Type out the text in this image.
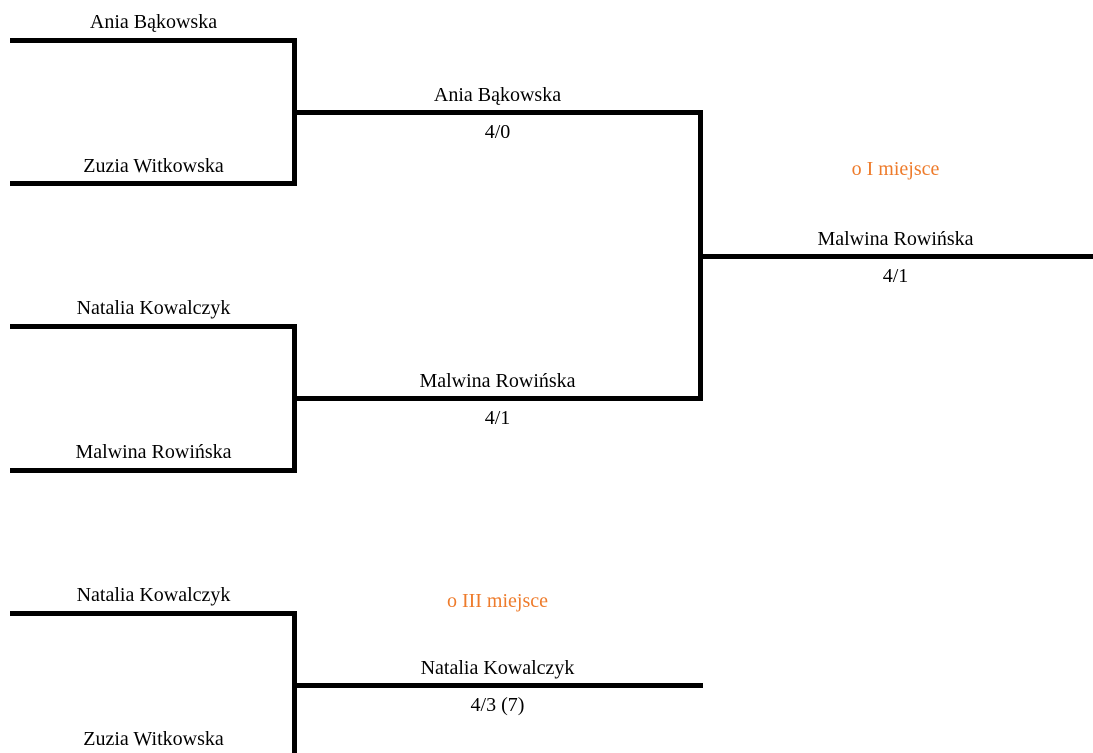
Ania Bąkowska
Zuzia Witkowska
Ania Bąkowska
4/0
Natalia Kowalczyk
Malwina Rowińska
Malwina Rowińska
4/1
o I miejsce
Malwina Rowińska
4/1
o III miejsce
Natalia Kowalczyk
Zuzia Witkowska
Natalia Kowalczyk
4/3 (7)
